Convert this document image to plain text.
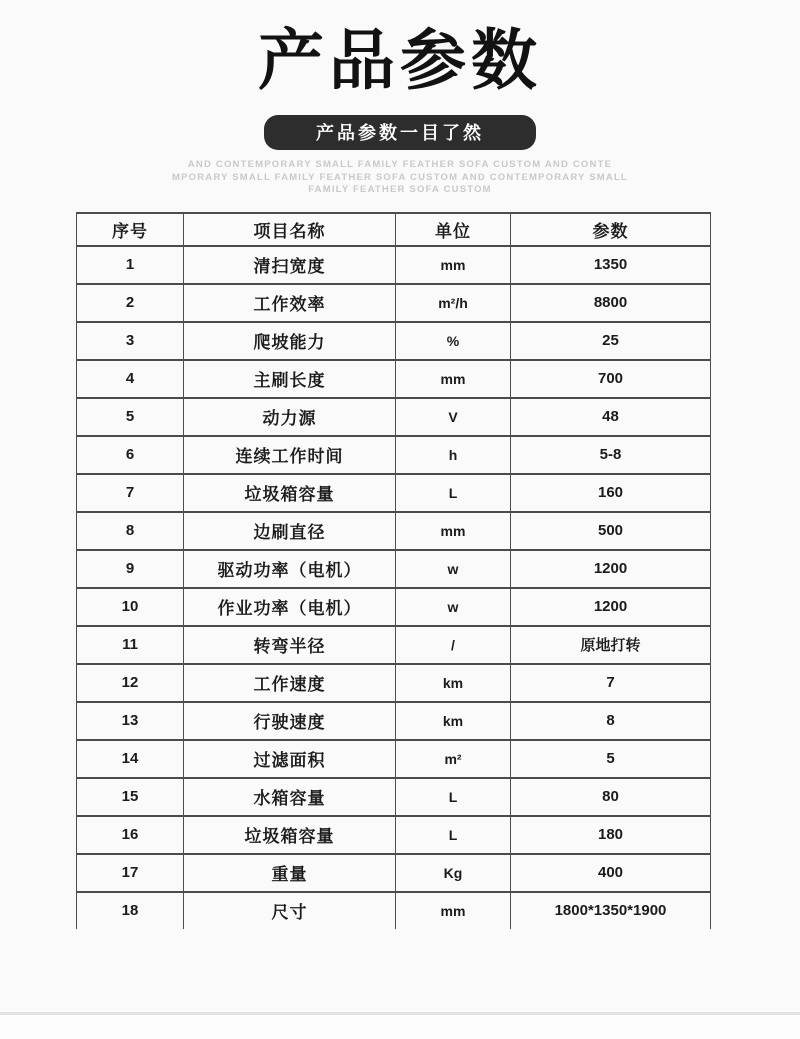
产品参数
产品参数一目了然
AND CONTEMPORARY SMALL FAMILY FEATHER SOFA CUSTOM AND CONTE
MPORARY SMALL FAMILY FEATHER SOFA CUSTOM AND CONTEMPORARY SMALL
FAMILY FEATHER SOFA CUSTOM
序号	项目名称	单位	参数
1	清扫宽度	mm	1350
2	工作效率	m²/h	8800
3	爬坡能力	%	25
4	主刷长度	mm	700
5	动力源	V	48
6	连续工作时间	h	5-8
7	垃圾箱容量	L	160
8	边刷直径	mm	500
9	驱动功率（电机）	w	1200
10	作业功率（电机）	w	1200
11	转弯半径	/	原地打转
12	工作速度	km	7
13	行驶速度	km	8
14	过滤面积	m²	5
15	水箱容量	L	80
16	垃圾箱容量	L	180
17	重量	Kg	400
18	尺寸	mm	1800*1350*1900
